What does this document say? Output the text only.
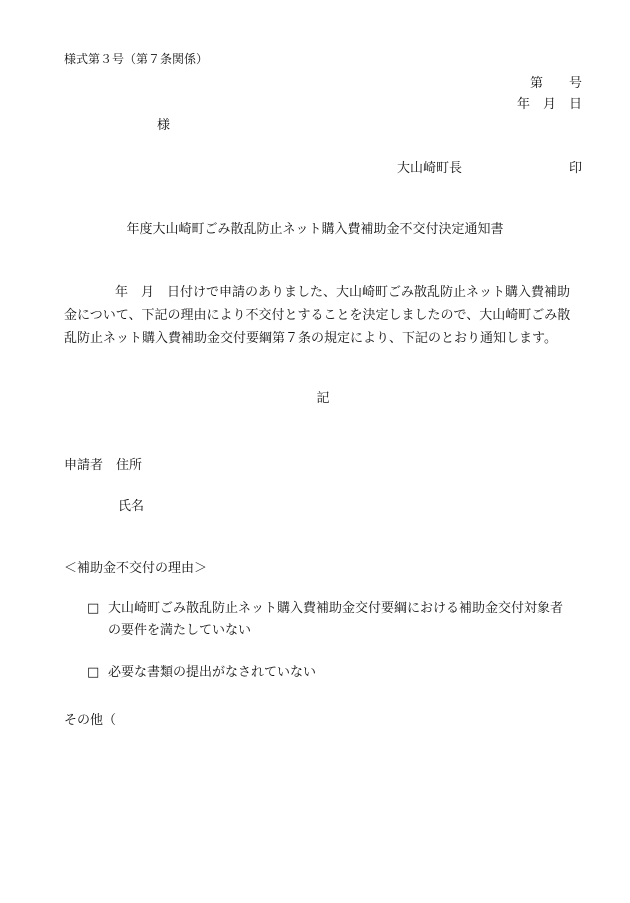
様式第３号（第７条関係）
第　　号
年　月　日
様
大山崎町長	印
年度大山崎町ごみ散乱防止ネット購入費補助金不交付決定通知書
年　月　日付けで申請のありました、大山崎町ごみ散乱防止ネット購入費補助
金について、下記の理由により不交付とすることを決定しましたので、大山崎町ごみ散
乱防止ネット購入費補助金交付要綱第７条の規定により、下記のとおり通知します。
記
申請者　住所
氏名
＜補助金不交付の理由＞
□ 大山崎町ごみ散乱防止ネット購入費補助金交付要綱における補助金交付対象者
の要件を満たしていない
□ 必要な書類の提出がなされていない
その他（
